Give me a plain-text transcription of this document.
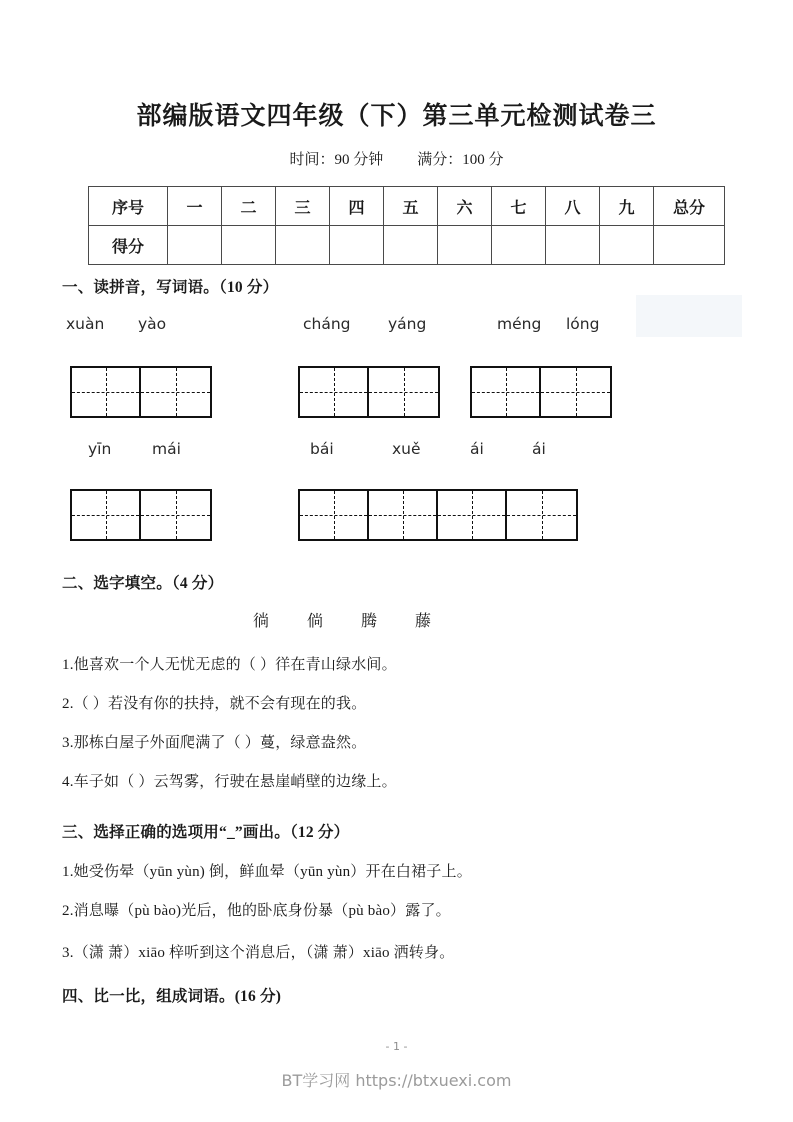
部编版语文四年级（下）第三单元检测试卷三
时间：90 分钟 满分：100 分
序号	一	二	三	四	五	六	七	八	九	总分
得分										
一、读拼音，写词语。（10 分）
xuàn yào	cháng yáng	méng lóng
yīn	mái	bái	xuě	ái	ái
二、选字填空。（4 分）
徜 倘 腾 藤
1.他喜欢一个人无忧无虑的（ ）徉在青山绿水间。
2.（ ）若没有你的扶持，就不会有现在的我。
3.那栋白屋子外面爬满了（ ）蔓，绿意盎然。
4.车子如（ ）云驾雾，行驶在悬崖峭壁的边缘上。
三、选择正确的选项用“_”画出。（12 分）
1.她受伤晕（yūn yùn) 倒，鲜血晕（yūn yùn）开在白裙子上。
2.消息曝（pù bào)光后，他的卧底身份暴（pù bào）露了。
3.（潇 萧）xiāo 梓听到这个消息后，（潇 萧）xiāo 洒转身。
四、比一比，组成词语。(16 分)
- 1 -
BT学习网 https://btxuexi.com
